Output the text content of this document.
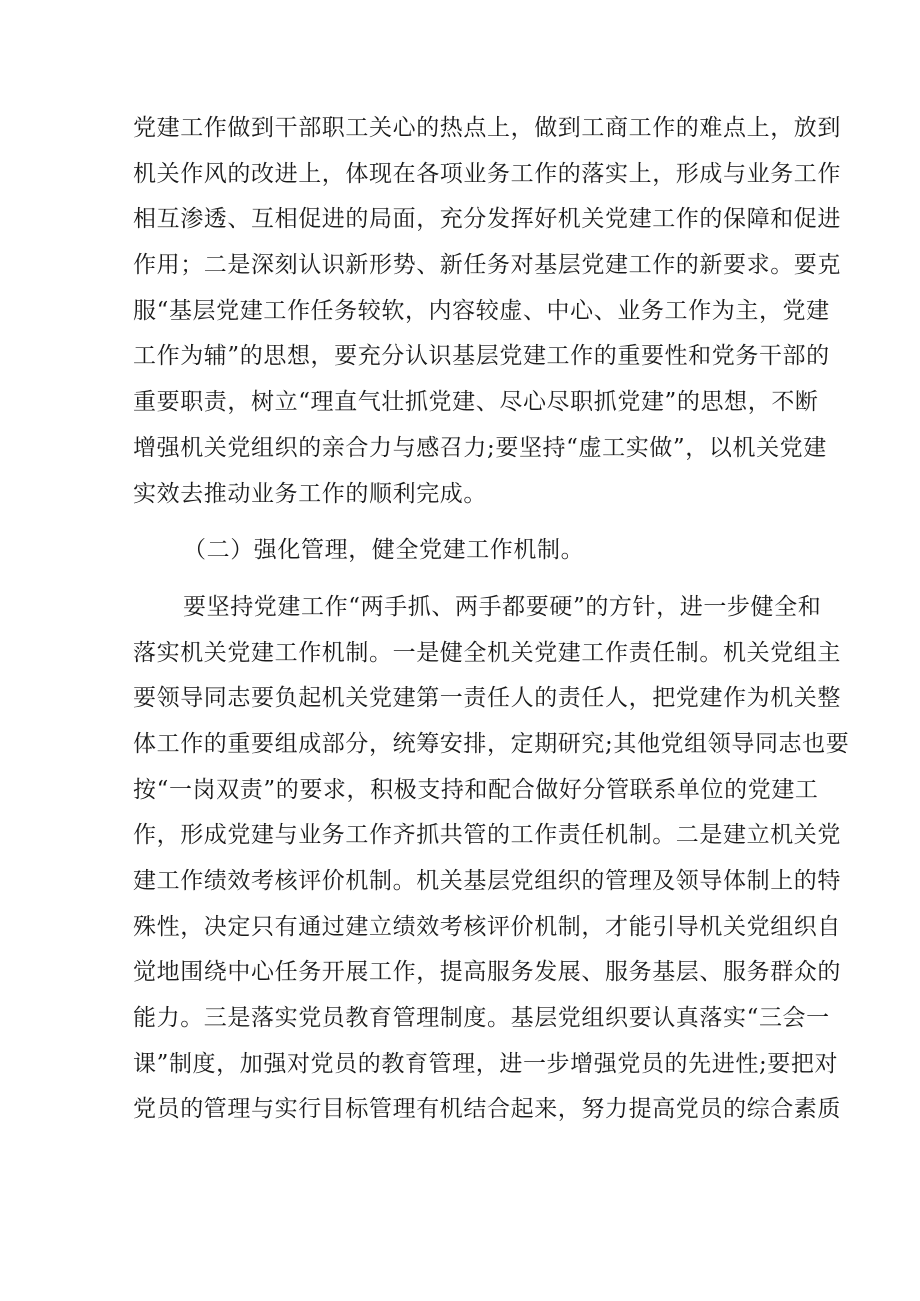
党建工作做到干部职工关心的热点上，做到工商工作的难点上，放到
机关作风的改进上，体现在各项业务工作的落实上，形成与业务工作
相互渗透、互相促进的局面，充分发挥好机关党建工作的保障和促进
作用；二是深刻认识新形势、新任务对基层党建工作的新要求。要克
服“基层党建工作任务较软，内容较虚、中心、业务工作为主，党建
工作为辅”的思想，要充分认识基层党建工作的重要性和党务干部的
重要职责，树立“理直气壮抓党建、尽心尽职抓党建”的思想，不断
增强机关党组织的亲合力与感召力;要坚持“虚工实做”，以机关党建
实效去推动业务工作的顺利完成。
（二）强化管理，健全党建工作机制。
要坚持党建工作“两手抓、两手都要硬”的方针，进一步健全和
落实机关党建工作机制。一是健全机关党建工作责任制。机关党组主
要领导同志要负起机关党建第一责任人的责任人，把党建作为机关整
体工作的重要组成部分，统筹安排，定期研究;其他党组领导同志也要
按“一岗双责”的要求，积极支持和配合做好分管联系单位的党建工
作，形成党建与业务工作齐抓共管的工作责任机制。二是建立机关党
建工作绩效考核评价机制。机关基层党组织的管理及领导体制上的特
殊性，决定只有通过建立绩效考核评价机制，才能引导机关党组织自
觉地围绕中心任务开展工作，提高服务发展、服务基层、服务群众的
能力。三是落实党员教育管理制度。基层党组织要认真落实“三会一
课”制度，加强对党员的教育管理，进一步增强党员的先进性;要把对
党员的管理与实行目标管理有机结合起来，努力提高党员的综合素质
